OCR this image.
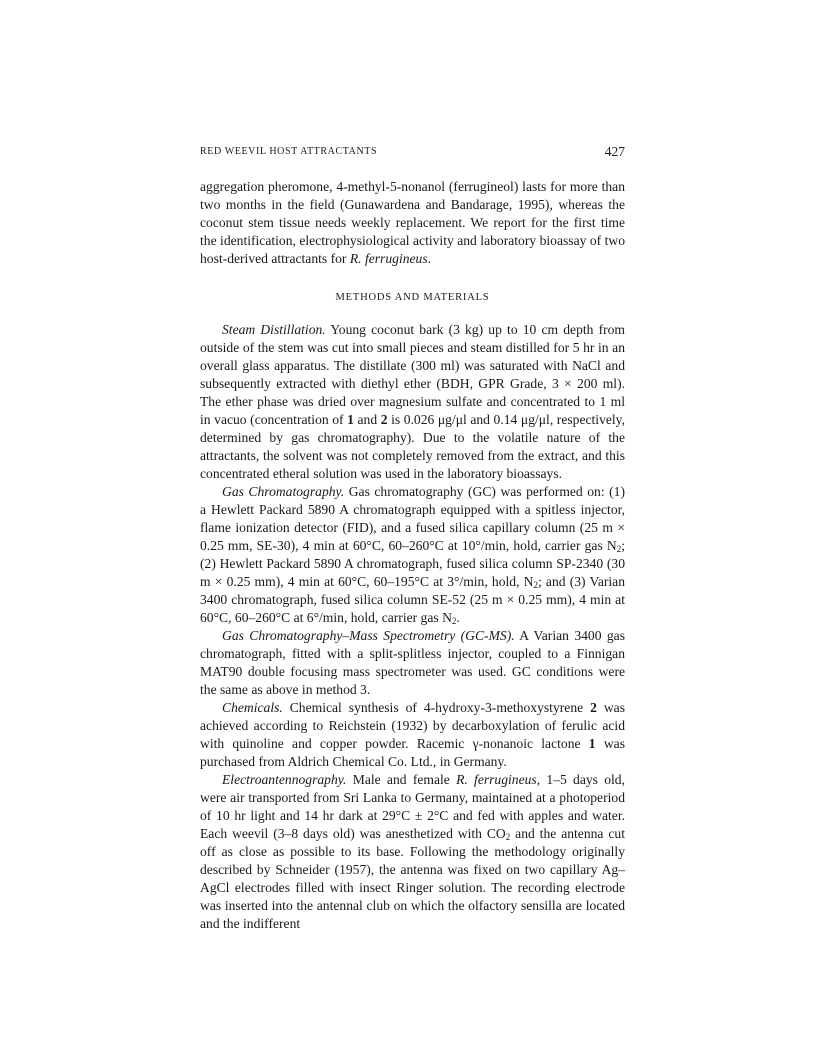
RED WEEVIL HOST ATTRACTANTS	427

aggregation pheromone, 4-methyl-5-nonanol (ferrugineol) lasts for more than two months in the field (Gunawardena and Bandarage, 1995), whereas the coconut stem tissue needs weekly replacement. We report for the first time the identification, electrophysiological activity and laboratory bioassay of two host-derived attractants for R. ferrugineus.

METHODS AND MATERIALS

Steam Distillation. Young coconut bark (3 kg) up to 10 cm depth from outside of the stem was cut into small pieces and steam distilled for 5 hr in an overall glass apparatus. The distillate (300 ml) was saturated with NaCl and subsequently extracted with diethyl ether (BDH, GPR Grade, 3 × 200 ml). The ether phase was dried over magnesium sulfate and concentrated to 1 ml in vacuo (concentration of 1 and 2 is 0.026 μg/μl and 0.14 μg/μl, respectively, determined by gas chromatography). Due to the volatile nature of the attractants, the solvent was not completely removed from the extract, and this concentrated etheral solution was used in the laboratory bioassays.

Gas Chromatography. Gas chromatography (GC) was performed on: (1) a Hewlett Packard 5890 A chromatograph equipped with a spitless injector, flame ionization detector (FID), and a fused silica capillary column (25 m × 0.25 mm, SE-30), 4 min at 60°C, 60–260°C at 10°/min, hold, carrier gas $N_2$; (2) Hewlett Packard 5890 A chromatograph, fused silica column SP-2340 (30 m × 0.25 mm), 4 min at 60°C, 60–195°C at 3°/min, hold, $N_2$; and (3) Varian 3400 chromatograph, fused silica column SE-52 (25 m × 0.25 mm), 4 min at 60°C, 60–260°C at 6°/min, hold, carrier gas $N_2$.

Gas Chromatography–Mass Spectrometry (GC-MS). A Varian 3400 gas chromatograph, fitted with a split-splitless injector, coupled to a Finnigan MAT90 double focusing mass spectrometer was used. GC conditions were the same as above in method 3.

Chemicals. Chemical synthesis of 4-hydroxy-3-methoxystyrene 2 was achieved according to Reichstein (1932) by decarboxylation of ferulic acid with quinoline and copper powder. Racemic γ-nonanoic lactone 1 was purchased from Aldrich Chemical Co. Ltd., in Germany.

Electroantennography. Male and female R. ferrugineus, 1–5 days old, were air transported from Sri Lanka to Germany, maintained at a photoperiod of 10 hr light and 14 hr dark at 29°C ± 2°C and fed with apples and water. Each weevil (3–8 days old) was anesthetized with $CO_2$ and the antenna cut off as close as possible to its base. Following the methodology originally described by Schneider (1957), the antenna was fixed on two capillary Ag–AgCl electrodes filled with insect Ringer solution. The recording electrode was inserted into the antennal club on which the olfactory sensilla are located and the indifferent
